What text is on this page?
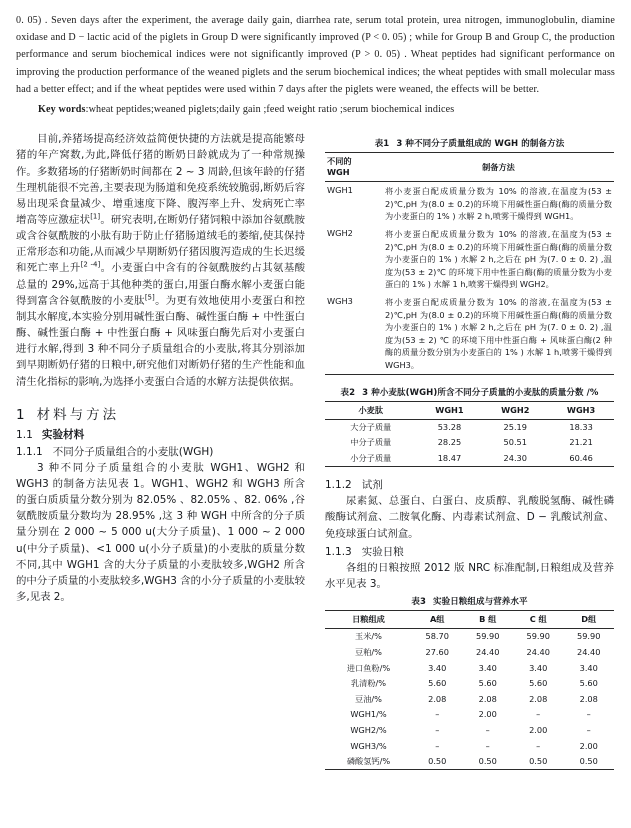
0. 05) . Seven days after the experiment, the average daily gain, diarrhea rate, serum total protein, urea nitrogen, immunoglobulin, diamine oxidase and D − lactic acid of the piglets in Group D were significantly improved (P < 0. 05) ; while for Group B and Group C, the production performance and serum biochemical indices were not significantly improved (P > 0. 05) . Wheat peptides had significant performance on improving the production performance of the weaned piglets and the serum biochemical indices; the wheat peptides with small molecular mass had a better effect; and if the wheat peptides were used within 7 days after the piglets were weaned, the effects will be better.

Key words:wheat peptides;weaned piglets;daily gain ;feed weight ratio ;serum biochemical indices

目前,养猪场提高经济效益简便快捷的方法就是提高能繁母猪的年产窝数,为此,降低仔猪的断奶日龄就成为了一种常规操作。多数猪场的仔猪断奶时间都在 2 ~ 3 周龄,但该年龄的仔猪生理机能很不完善,主要表现为肠道和免疫系统较脆弱,断奶后容易出现采食量减少、增重速度下降、腹泻率上升、发病死亡率增高等应激症状[1]。研究表明,在断奶仔猪饲粮中添加谷氨酰胺或含谷氨酰胺的小肽有助于防止仔猪肠道绒毛的萎缩,使其保持正常形态和功能,从而减少早期断奶仔猪因腹泻造成的生长迟缓和死亡率上升[2 -4]。小麦蛋白中含有的谷氨酰胺约占其氨基酸总量的 29%,远高于其他种类的蛋白,用蛋白酶水解小麦蛋白能得到富含谷氨酰胺的小麦肽[5]。为更有效地使用小麦蛋白和控制其水解度,本实验分别用碱性蛋白酶、碱性蛋白酶 + 中性蛋白酶、碱性蛋白酶 + 中性蛋白酶 + 风味蛋白酶先后对小麦蛋白进行水解,得到 3 种不同分子质量组合的小麦肽,将其分别添加到早期断奶仔猪的日粮中,研究他们对断奶仔猪的生产性能和血清生化指标的影响,为选择小麦蛋白合适的水解方法提供依据。

1 材料与方法
1.1 实验材料
1.1.1 不同分子质量组合的小麦肽(WGH)

3 种不同分子质量组合的小麦肽 WGH1、WGH2 和 WGH3 的制备方法见表 1。WGH1、WGH2 和 WGH3 所含的蛋白质质量分数分别为 82.05% 、82.05% 、82. 06% ,谷氨酰胺质量分数均为 28.95% ,这 3 种 WGH 中所含的分子质量分别在 2 000 ~ 5 000 u(大分子质量)、1 000 ~ 2 000 u(中分子质量)、<1 000 u(小分子质量)的小麦肽的质量分数不同,其中 WGH1 含的大分子质量的小麦肽较多,WGH2 所含的中分子质量的小麦肽较多,WGH3 含的小分子质量的小麦肽较多,见表 2。

表1 3 种不同分子质量组成的 WGH 的制备方法
不同的
WGH	制备方法
WGH1	将小麦蛋白配成质量分数为 10% 的溶液,在温度为(53 ± 2)℃,pH 为(8.0 ± 0.2)的环境下用碱性蛋白酶(酶的质量分数为小麦蛋白的 1% ) 水解 2 h,喷雾干燥得到 WGH1。
WGH2	将小麦蛋白配成质量分数为 10% 的溶液,在温度为(53 ± 2)℃,pH 为(8.0 ± 0.2)的环境下用碱性蛋白酶(酶的质量分数为小麦蛋白的 1% ) 水解 2 h,之后在 pH 为(7. 0 ± 0. 2) ,温度为(53 ± 2)℃ 的环境下用中性蛋白酶(酶的质量分数为小麦蛋白的 1% ) 水解 1 h,喷雾干燥得到 WGH2。
WGH3	将小麦蛋白配成质量分数为 10% 的溶液,在温度为(53 ± 2)℃,pH 为(8.0 ± 0.2)的环境下用碱性蛋白酶(酶的质量分数为小麦蛋白的 1% ) 水解 2 h,之后在 pH 为(7. 0 ± 0. 2) ,温度为(53 ± 2) ℃ 的环境下用中性蛋白酶 + 风味蛋白酶(2 种酶的质量分数分别为小麦蛋白的 1% ) 水解 1 h,喷雾干燥得到 WGH3。
表2 3 种小麦肽(WGH)所含不同分子质量的小麦肽的质量分数 /%
小麦肽	WGH1	WGH2	WGH3
大分子质量	53.28	25.19	18.33
中分子质量	28.25	50.51	21.21
小分子质量	18.47	24.30	60.46
1.1.2 试剂

尿素氮、总蛋白、白蛋白、皮质醇、乳酸脱氢酶、碱性磷酸酶试剂盒、二胺氧化酶、内毒素试剂盒、D − 乳酸试剂盒、免疫球蛋白试剂盒。

1.1.3 实验日粮

各组的日粮按照 2012 版 NRC 标准配制,日粮组成及营养水平见表 3。

表3 实验日粮组成与营养水平
日粮组成	A组	B 组	C 组	D组
玉米/%	58.70	59.90	59.90	59.90
豆粕/%	27.60	24.40	24.40	24.40
进口鱼粉/%	3.40	3.40	3.40	3.40
乳清粉/%	5.60	5.60	5.60	5.60
豆油/%	2.08	2.08	2.08	2.08
WGH1/%	–	2.00	–	–
WGH2/%	–	–	2.00	–
WGH3/%	–	–	–	2.00
磷酸氢钙/%	0.50	0.50	0.50	0.50
